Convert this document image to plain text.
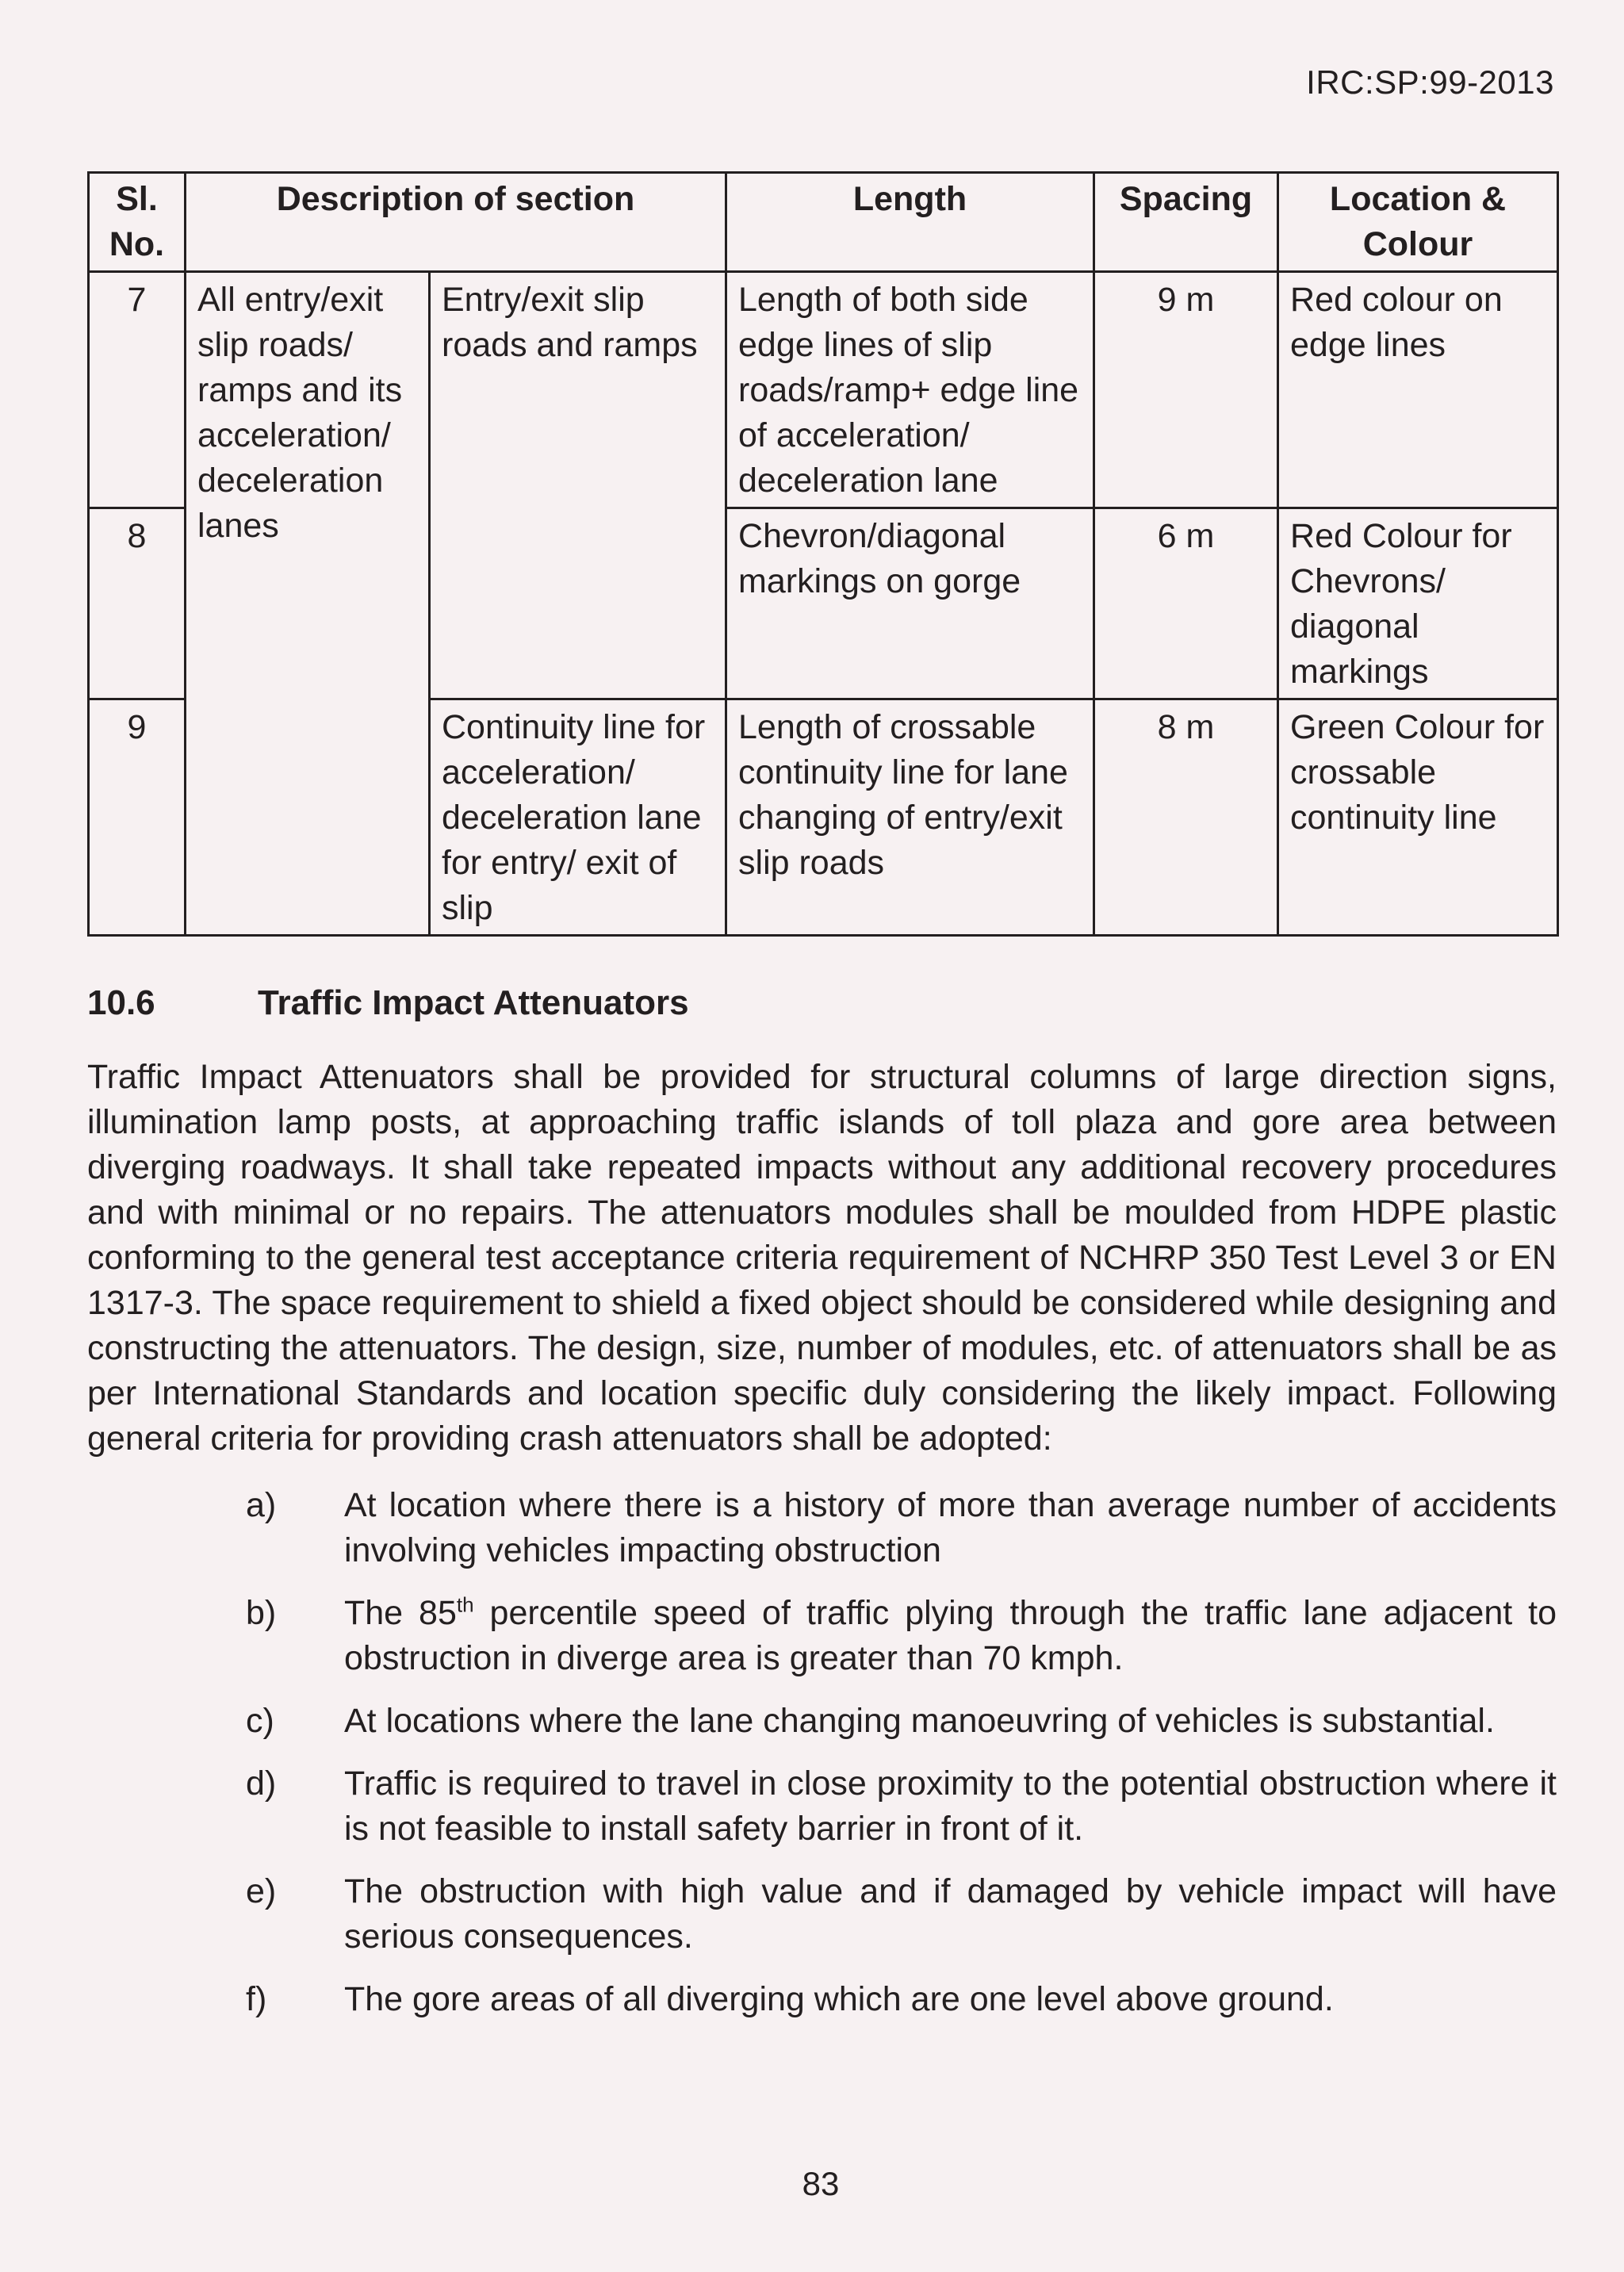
IRC:SP:99-2013
Sl. No.	Description of section		Length	Spacing	Location & Colour
7	All entry/exit slip roads/ ramps and its acceleration/ deceleration lanes	Entry/exit slip roads and ramps	Length of both side edge lines of slip roads/ramp+ edge line of acceleration/ deceleration lane	9 m	Red colour on edge lines
8			Chevron/diagonal markings on gorge	6 m	Red Colour for Chevrons/ diagonal markings
9		Continuity line for acceleration/ deceleration lane for entry/ exit of slip	Length of crossable continuity line for lane changing of entry/exit slip roads	8 m	Green Colour for crossable continuity line
10.6	Traffic Impact Attenuators

Traffic Impact Attenuators shall be provided for structural columns of large direction signs, illumination lamp posts, at approaching traffic islands of toll plaza and gore area between diverging roadways. It shall take repeated impacts without any additional recovery procedures and with minimal or no repairs. The attenuators modules shall be moulded from HDPE plastic conforming to the general test acceptance criteria requirement of NCHRP 350 Test Level 3 or EN 1317-3. The space requirement to shield a fixed object should be considered while designing and constructing the attenuators. The design, size, number of modules, etc. of attenuators shall be as per International Standards and location specific duly considering the likely impact. Following general criteria for providing crash attenuators shall be adopted:

a)	At location where there is a history of more than average number of accidents involving vehicles impacting obstruction
b)	The 85th percentile speed of traffic plying through the traffic lane adjacent to obstruction in diverge area is greater than 70 kmph.
c)	At locations where the lane changing manoeuvring of vehicles is substantial.
d)	Traffic is required to travel in close proximity to the potential obstruction where it is not feasible to install safety barrier in front of it.
e)	The obstruction with high value and if damaged by vehicle impact will have serious consequences.
f)	The gore areas of all diverging which are one level above ground.
83
